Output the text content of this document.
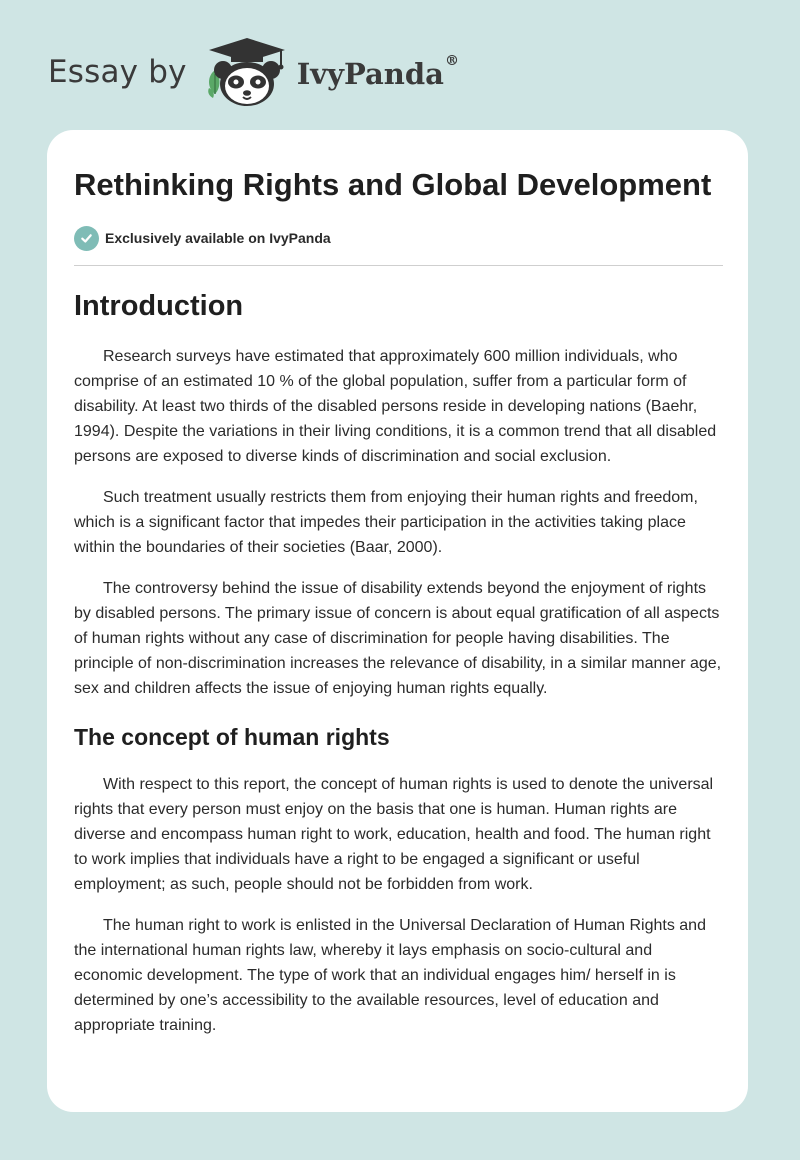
Essay by	IvyPanda®
Rethinking Rights and Global Development
Exclusively available on IvyPanda
Introduction

Research surveys have estimated that approximately 600 million individuals, who comprise of an estimated 10 % of the global population, suffer from a particular form of disability. At least two thirds of the disabled persons reside in developing nations (Baehr, 1994). Despite the variations in their living conditions, it is a common trend that all disabled persons are exposed to diverse kinds of discrimination and social exclusion.

Such treatment usually restricts them from enjoying their human rights and freedom, which is a significant factor that impedes their participation in the activities taking place within the boundaries of their societies (Baar, 2000).

The controversy behind the issue of disability extends beyond the enjoyment of rights by disabled persons. The primary issue of concern is about equal gratification of all aspects of human rights without any case of discrimination for people having disabilities. The principle of non-discrimination increases the relevance of disability, in a similar manner age, sex and children affects the issue of enjoying human rights equally.

The concept of human rights

With respect to this report, the concept of human rights is used to denote the universal rights that every person must enjoy on the basis that one is human. Human rights are diverse and encompass human right to work, education, health and food. The human right to work implies that individuals have a right to be engaged a significant or useful employment; as such, people should not be forbidden from work.

The human right to work is enlisted in the Universal Declaration of Human Rights and the international human rights law, whereby it lays emphasis on socio-cultural and economic development. The type of work that an individual engages him/ herself in is determined by one’s accessibility to the available resources, level of education and appropriate training.
